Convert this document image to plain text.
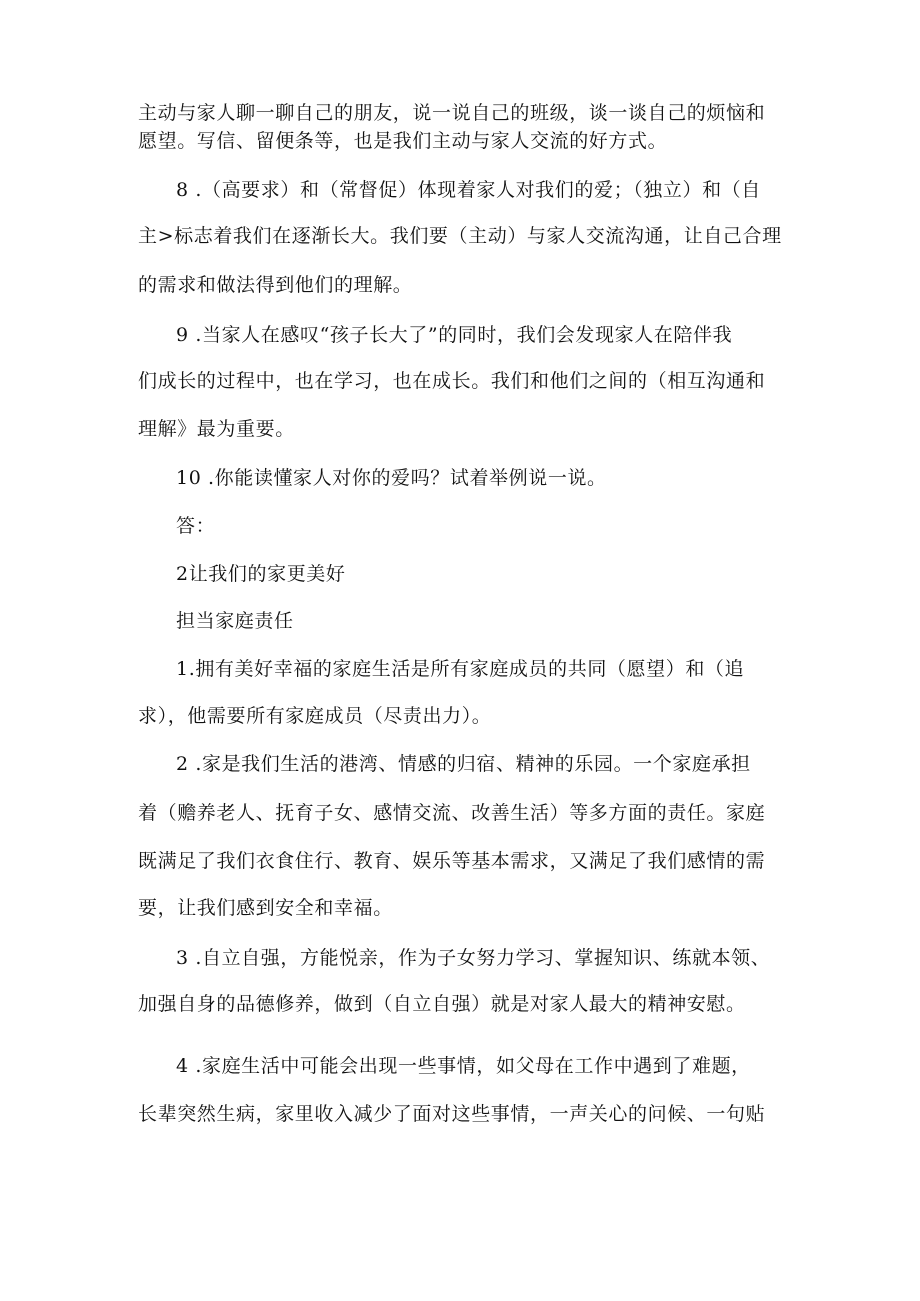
主动与家人聊一聊自己的朋友，说一说自己的班级，谈一谈自己的烦恼和
愿望。写信、留便条等，也是我们主动与家人交流的好方式。
8 .（高要求）和（常督促）体现着家人对我们的爱；（独立）和（自
主>标志着我们在逐渐长大。我们要（主动）与家人交流沟通，让自己合理
的需求和做法得到他们的理解。
9 .当家人在感叹“孩子长大了”的同时，我们会发现家人在陪伴我
们成长的过程中，也在学习，也在成长。我们和他们之间的（相互沟通和
理解》最为重要。
10 .你能读懂家人对你的爱吗？试着举例说一说。
答：
2让我们的家更美好
担当家庭责任
1.拥有美好幸福的家庭生活是所有家庭成员的共同（愿望）和（追
求），他需要所有家庭成员（尽责出力）。
2 .家是我们生活的港湾、情感的归宿、精神的乐园。一个家庭承担
着（赡养老人、抚育子女、感情交流、改善生活）等多方面的责任。家庭
既满足了我们衣食住行、教育、娱乐等基本需求，又满足了我们感情的需
要，让我们感到安全和幸福。
3 .自立自强，方能悦亲，作为子女努力学习、掌握知识、练就本领、
加强自身的品德修养，做到（自立自强）就是对家人最大的精神安慰。
4 .家庭生活中可能会出现一些事情，如父母在工作中遇到了难题，
长辈突然生病，家里收入减少了面对这些事情，一声关心的问候、一句贴
